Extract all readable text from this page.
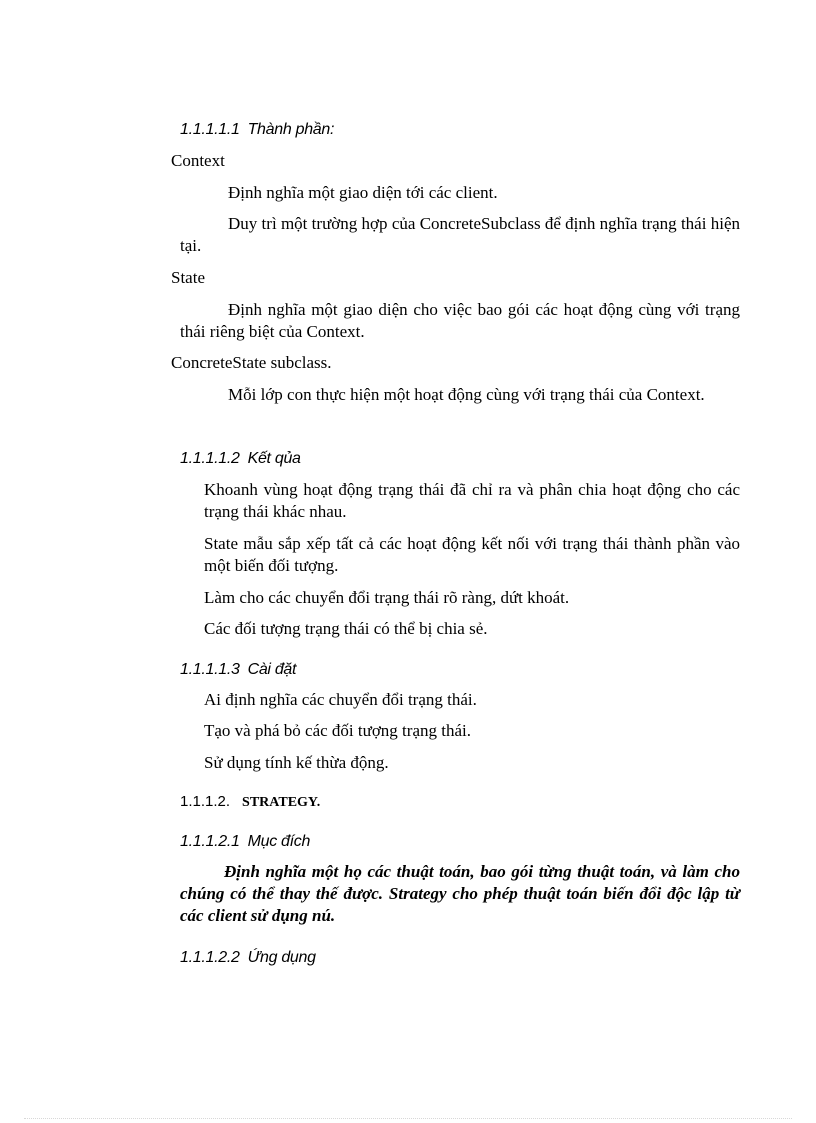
1.1.1.1.1 Thành phần:
Context
Định nghĩa một giao diện tới các client.
Duy trì một trường hợp của ConcreteSubclass để định nghĩa trạng thái hiện tại.
State
Định nghĩa một giao diện cho việc bao gói các hoạt động cùng với trạng thái riêng biệt của Context.
ConcreteState subclass.
Mỗi lớp con thực hiện một hoạt động cùng với trạng thái của Context.
1.1.1.1.2 Kết qủa
Khoanh vùng hoạt động trạng thái đã chỉ ra và phân chia hoạt động cho các trạng thái khác nhau.
State mẫu sắp xếp tất cả các hoạt động kết nối với trạng thái thành phần vào một biến đối tượng.
Làm cho các chuyển đổi trạng thái rõ ràng, dứt khoát.
Các đối tượng trạng thái có thể bị chia sẻ.
1.1.1.1.3 Cài đặt
Ai định nghĩa các chuyển đổi trạng thái.
Tạo và phá bỏ các đối tượng trạng thái.
Sử dụng tính kế thừa động.
1.1.1.2. STRATEGY.
1.1.1.2.1 Mục đích
Định nghĩa một họ các thuật toán, bao gói từng thuật toán, và làm cho chúng có thể thay thế được. Strategy cho phép thuật toán biến đổi độc lập từ các client sử dụng nú.
1.1.1.2.2 Ứng dụng
